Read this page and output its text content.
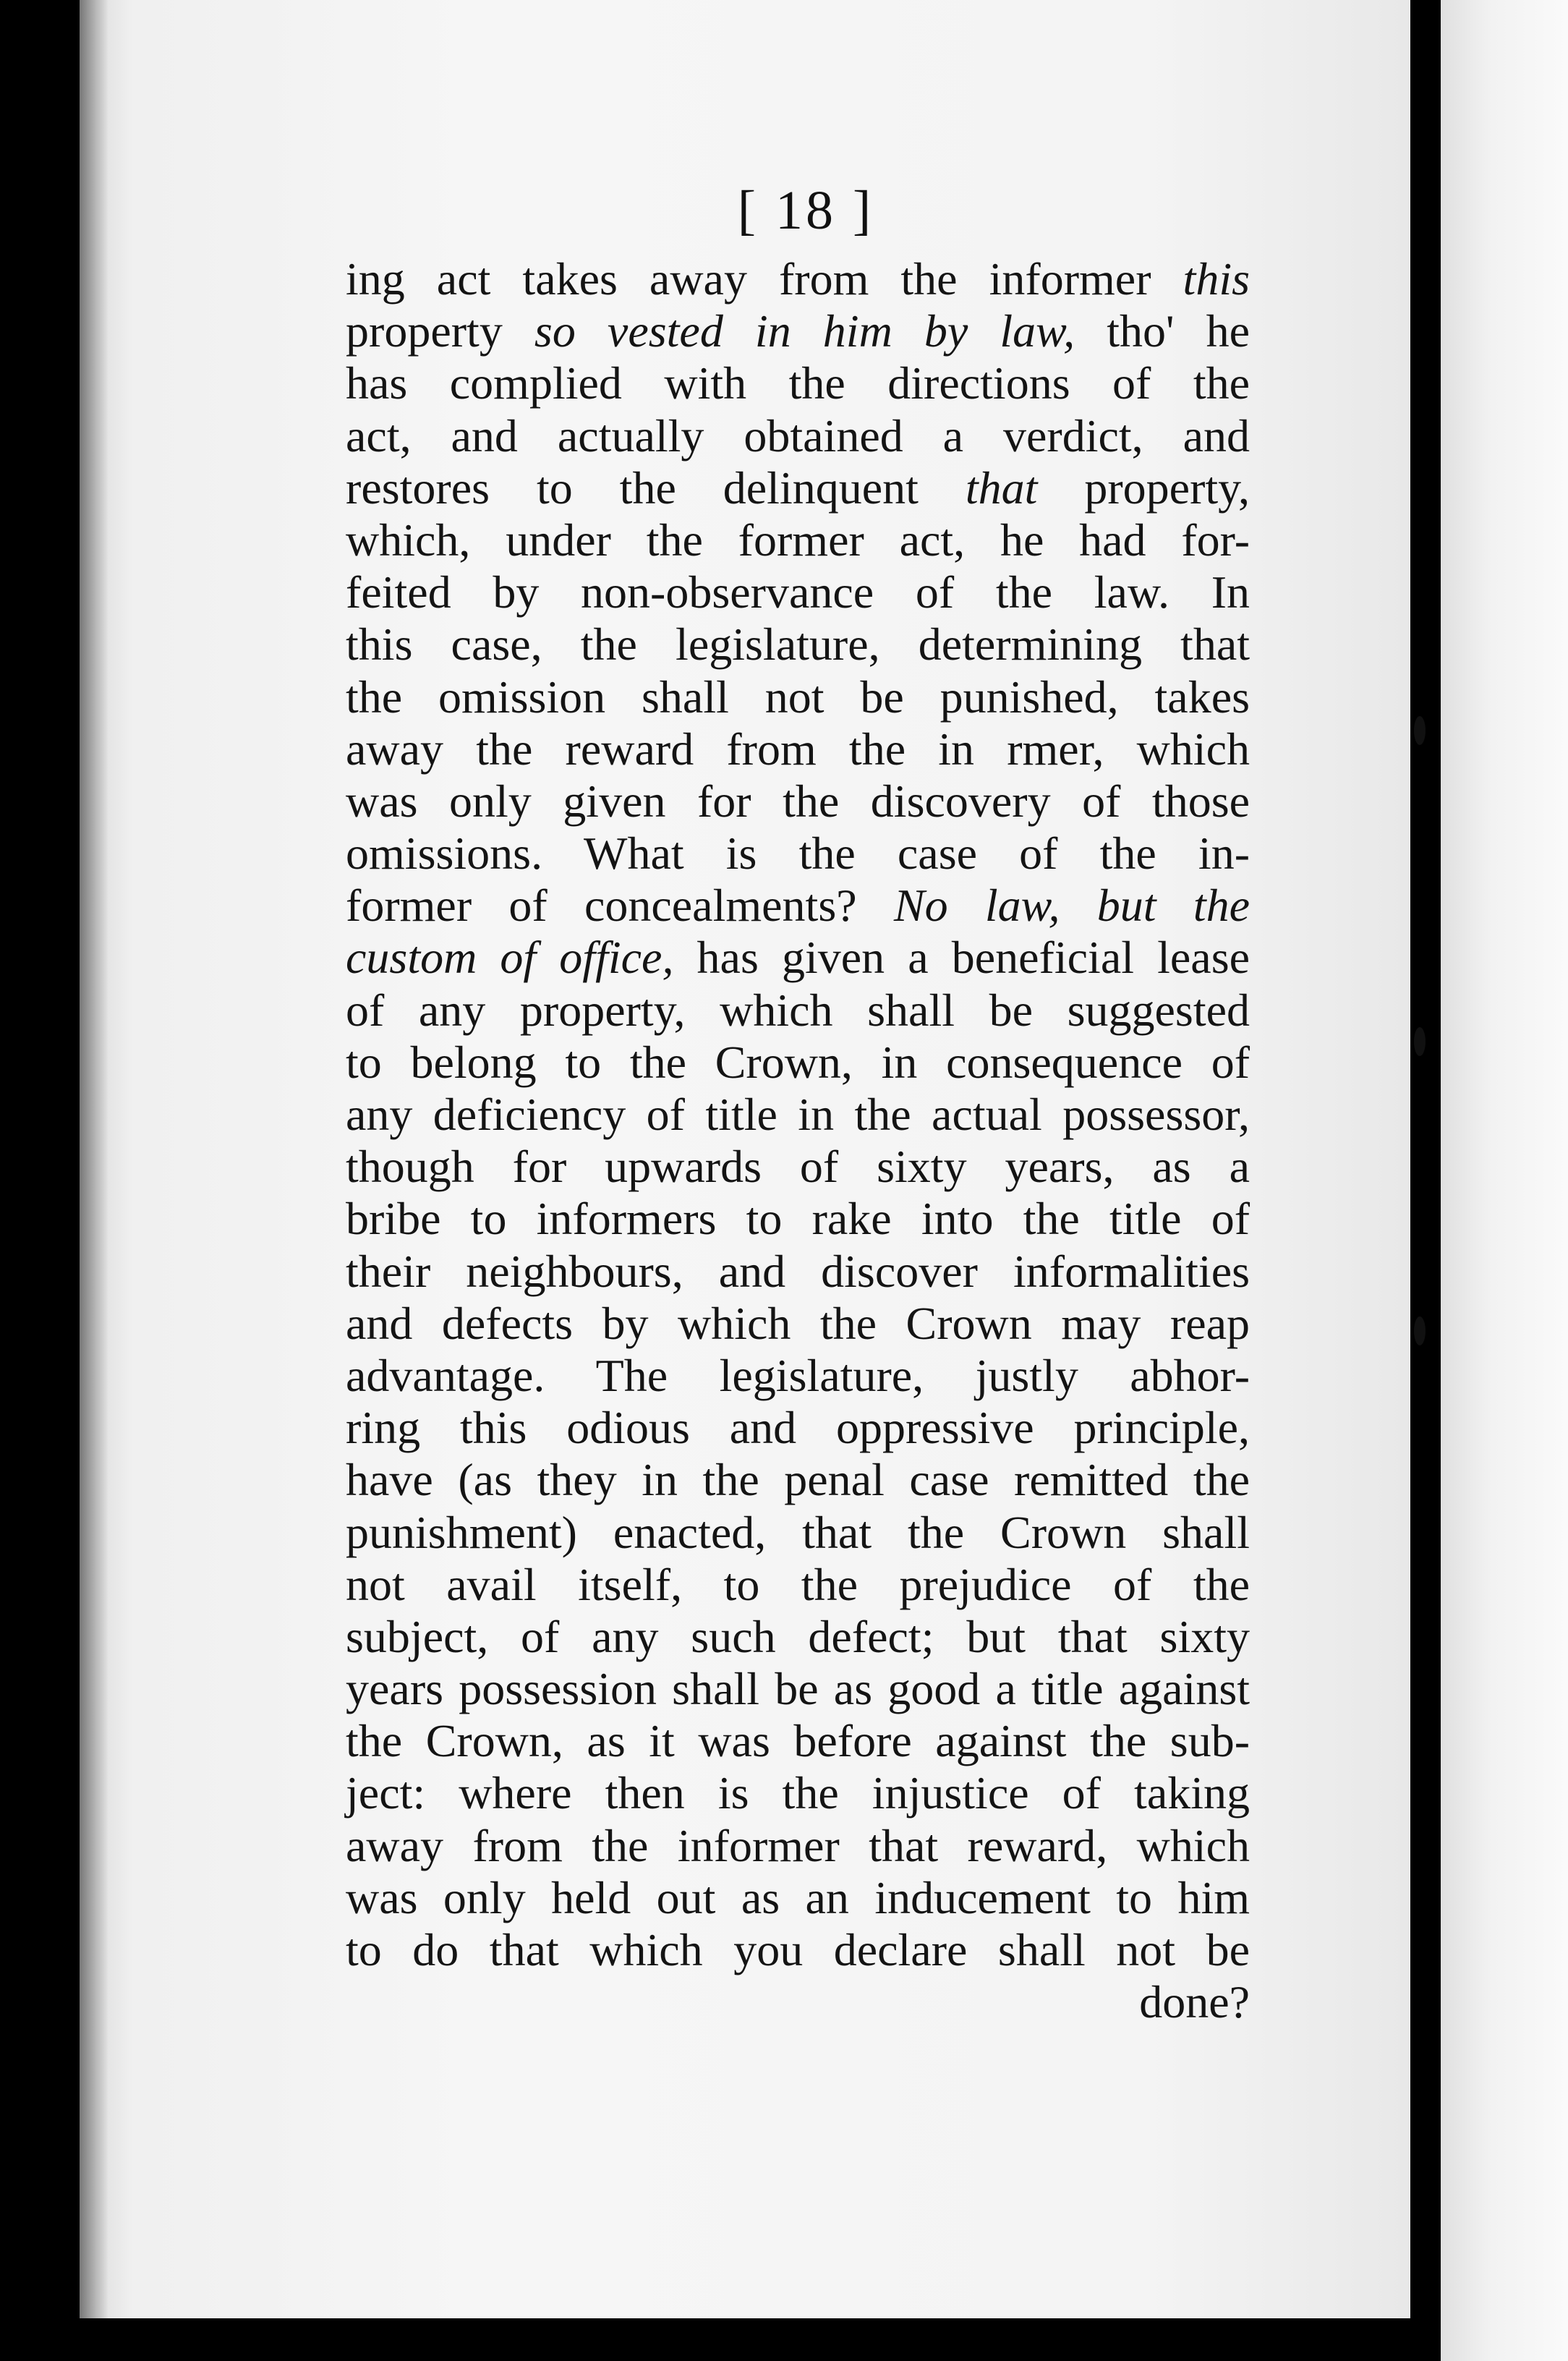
[ 18 ]
ing act takes away from the informer this
property so vested in him by law, tho' he
has complied with the directions of the
act, and actually obtained a verdict, and
restores to the delinquent that property,
which, under the former act, he had for-
feited by non-observance of the law. In
this case, the legislature, determining that
the omission shall not be punished, takes
away the reward from the in rmer, which
was only given for the discovery of those
omissions. What is the case of the in-
former of concealments? No law, but the
custom of office, has given a beneficial lease
of any property, which shall be suggested
to belong to the Crown, in consequence of
any deficiency of title in the actual possessor,
though for upwards of sixty years, as a
bribe to informers to rake into the title of
their neighbours, and discover informalities
and defects by which the Crown may reap
advantage. The legislature, justly abhor-
ring this odious and oppressive principle,
have (as they in the penal case remitted the
punishment) enacted, that the Crown shall
not avail itself, to the prejudice of the
subject, of any such defect; but that sixty
years possession shall be as good a title against
the Crown, as it was before against the sub-
ject: where then is the injustice of taking
away from the informer that reward, which
was only held out as an inducement to him
to do that which you declare shall not be
done?
